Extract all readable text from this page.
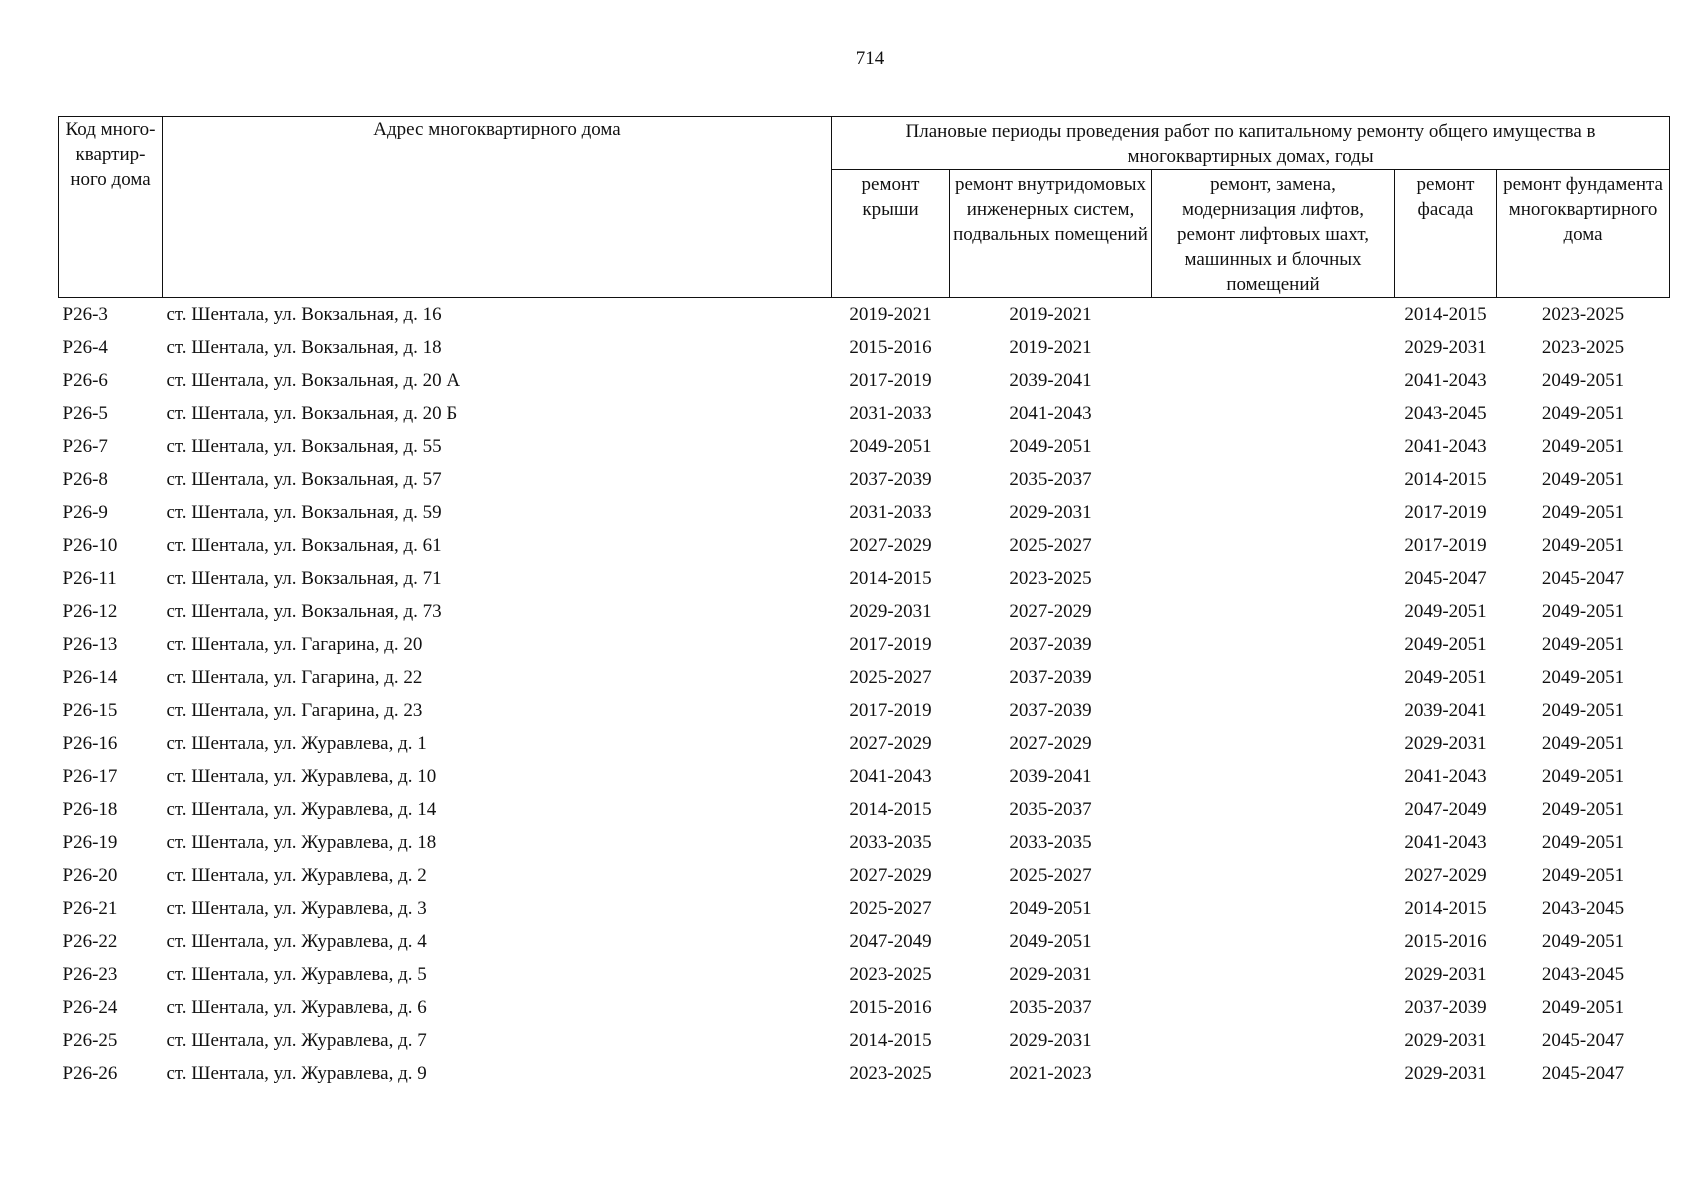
714
Код много-квартир-ного дома	Адрес многоквартирного дома	Плановые периоды проведения работ по капитальному ремонту общего имущества в многоквартирных домах, годы				

		ремонт крыши	ремонт внутридомовых инженерных систем, подвальных помещений	ремонт, замена, модернизация лифтов, ремонт лифтовых шахт, машинных и блочных помещений	ремонт фасада	ремонт фундамента многоквартирного дома
Р26-3	ст. Шентала, ул. Вокзальная, д. 16	2019-2021	2019-2021		2014-2015	2023-2025
Р26-4	ст. Шентала, ул. Вокзальная, д. 18	2015-2016	2019-2021		2029-2031	2023-2025
Р26-6	ст. Шентала, ул. Вокзальная, д. 20 А	2017-2019	2039-2041		2041-2043	2049-2051
Р26-5	ст. Шентала, ул. Вокзальная, д. 20 Б	2031-2033	2041-2043		2043-2045	2049-2051
Р26-7	ст. Шентала, ул. Вокзальная, д. 55	2049-2051	2049-2051		2041-2043	2049-2051
Р26-8	ст. Шентала, ул. Вокзальная, д. 57	2037-2039	2035-2037		2014-2015	2049-2051
Р26-9	ст. Шентала, ул. Вокзальная, д. 59	2031-2033	2029-2031		2017-2019	2049-2051
Р26-10	ст. Шентала, ул. Вокзальная, д. 61	2027-2029	2025-2027		2017-2019	2049-2051
Р26-11	ст. Шентала, ул. Вокзальная, д. 71	2014-2015	2023-2025		2045-2047	2045-2047
Р26-12	ст. Шентала, ул. Вокзальная, д. 73	2029-2031	2027-2029		2049-2051	2049-2051
Р26-13	ст. Шентала, ул. Гагарина, д. 20	2017-2019	2037-2039		2049-2051	2049-2051
Р26-14	ст. Шентала, ул. Гагарина, д. 22	2025-2027	2037-2039		2049-2051	2049-2051
Р26-15	ст. Шентала, ул. Гагарина, д. 23	2017-2019	2037-2039		2039-2041	2049-2051
Р26-16	ст. Шентала, ул. Журавлева, д. 1	2027-2029	2027-2029		2029-2031	2049-2051
Р26-17	ст. Шентала, ул. Журавлева, д. 10	2041-2043	2039-2041		2041-2043	2049-2051
Р26-18	ст. Шентала, ул. Журавлева, д. 14	2014-2015	2035-2037		2047-2049	2049-2051
Р26-19	ст. Шентала, ул. Журавлева, д. 18	2033-2035	2033-2035		2041-2043	2049-2051
Р26-20	ст. Шентала, ул. Журавлева, д. 2	2027-2029	2025-2027		2027-2029	2049-2051
Р26-21	ст. Шентала, ул. Журавлева, д. 3	2025-2027	2049-2051		2014-2015	2043-2045
Р26-22	ст. Шентала, ул. Журавлева, д. 4	2047-2049	2049-2051		2015-2016	2049-2051
Р26-23	ст. Шентала, ул. Журавлева, д. 5	2023-2025	2029-2031		2029-2031	2043-2045
Р26-24	ст. Шентала, ул. Журавлева, д. 6	2015-2016	2035-2037		2037-2039	2049-2051
Р26-25	ст. Шентала, ул. Журавлева, д. 7	2014-2015	2029-2031		2029-2031	2045-2047
Р26-26	ст. Шентала, ул. Журавлева, д. 9	2023-2025	2021-2023		2029-2031	2045-2047
